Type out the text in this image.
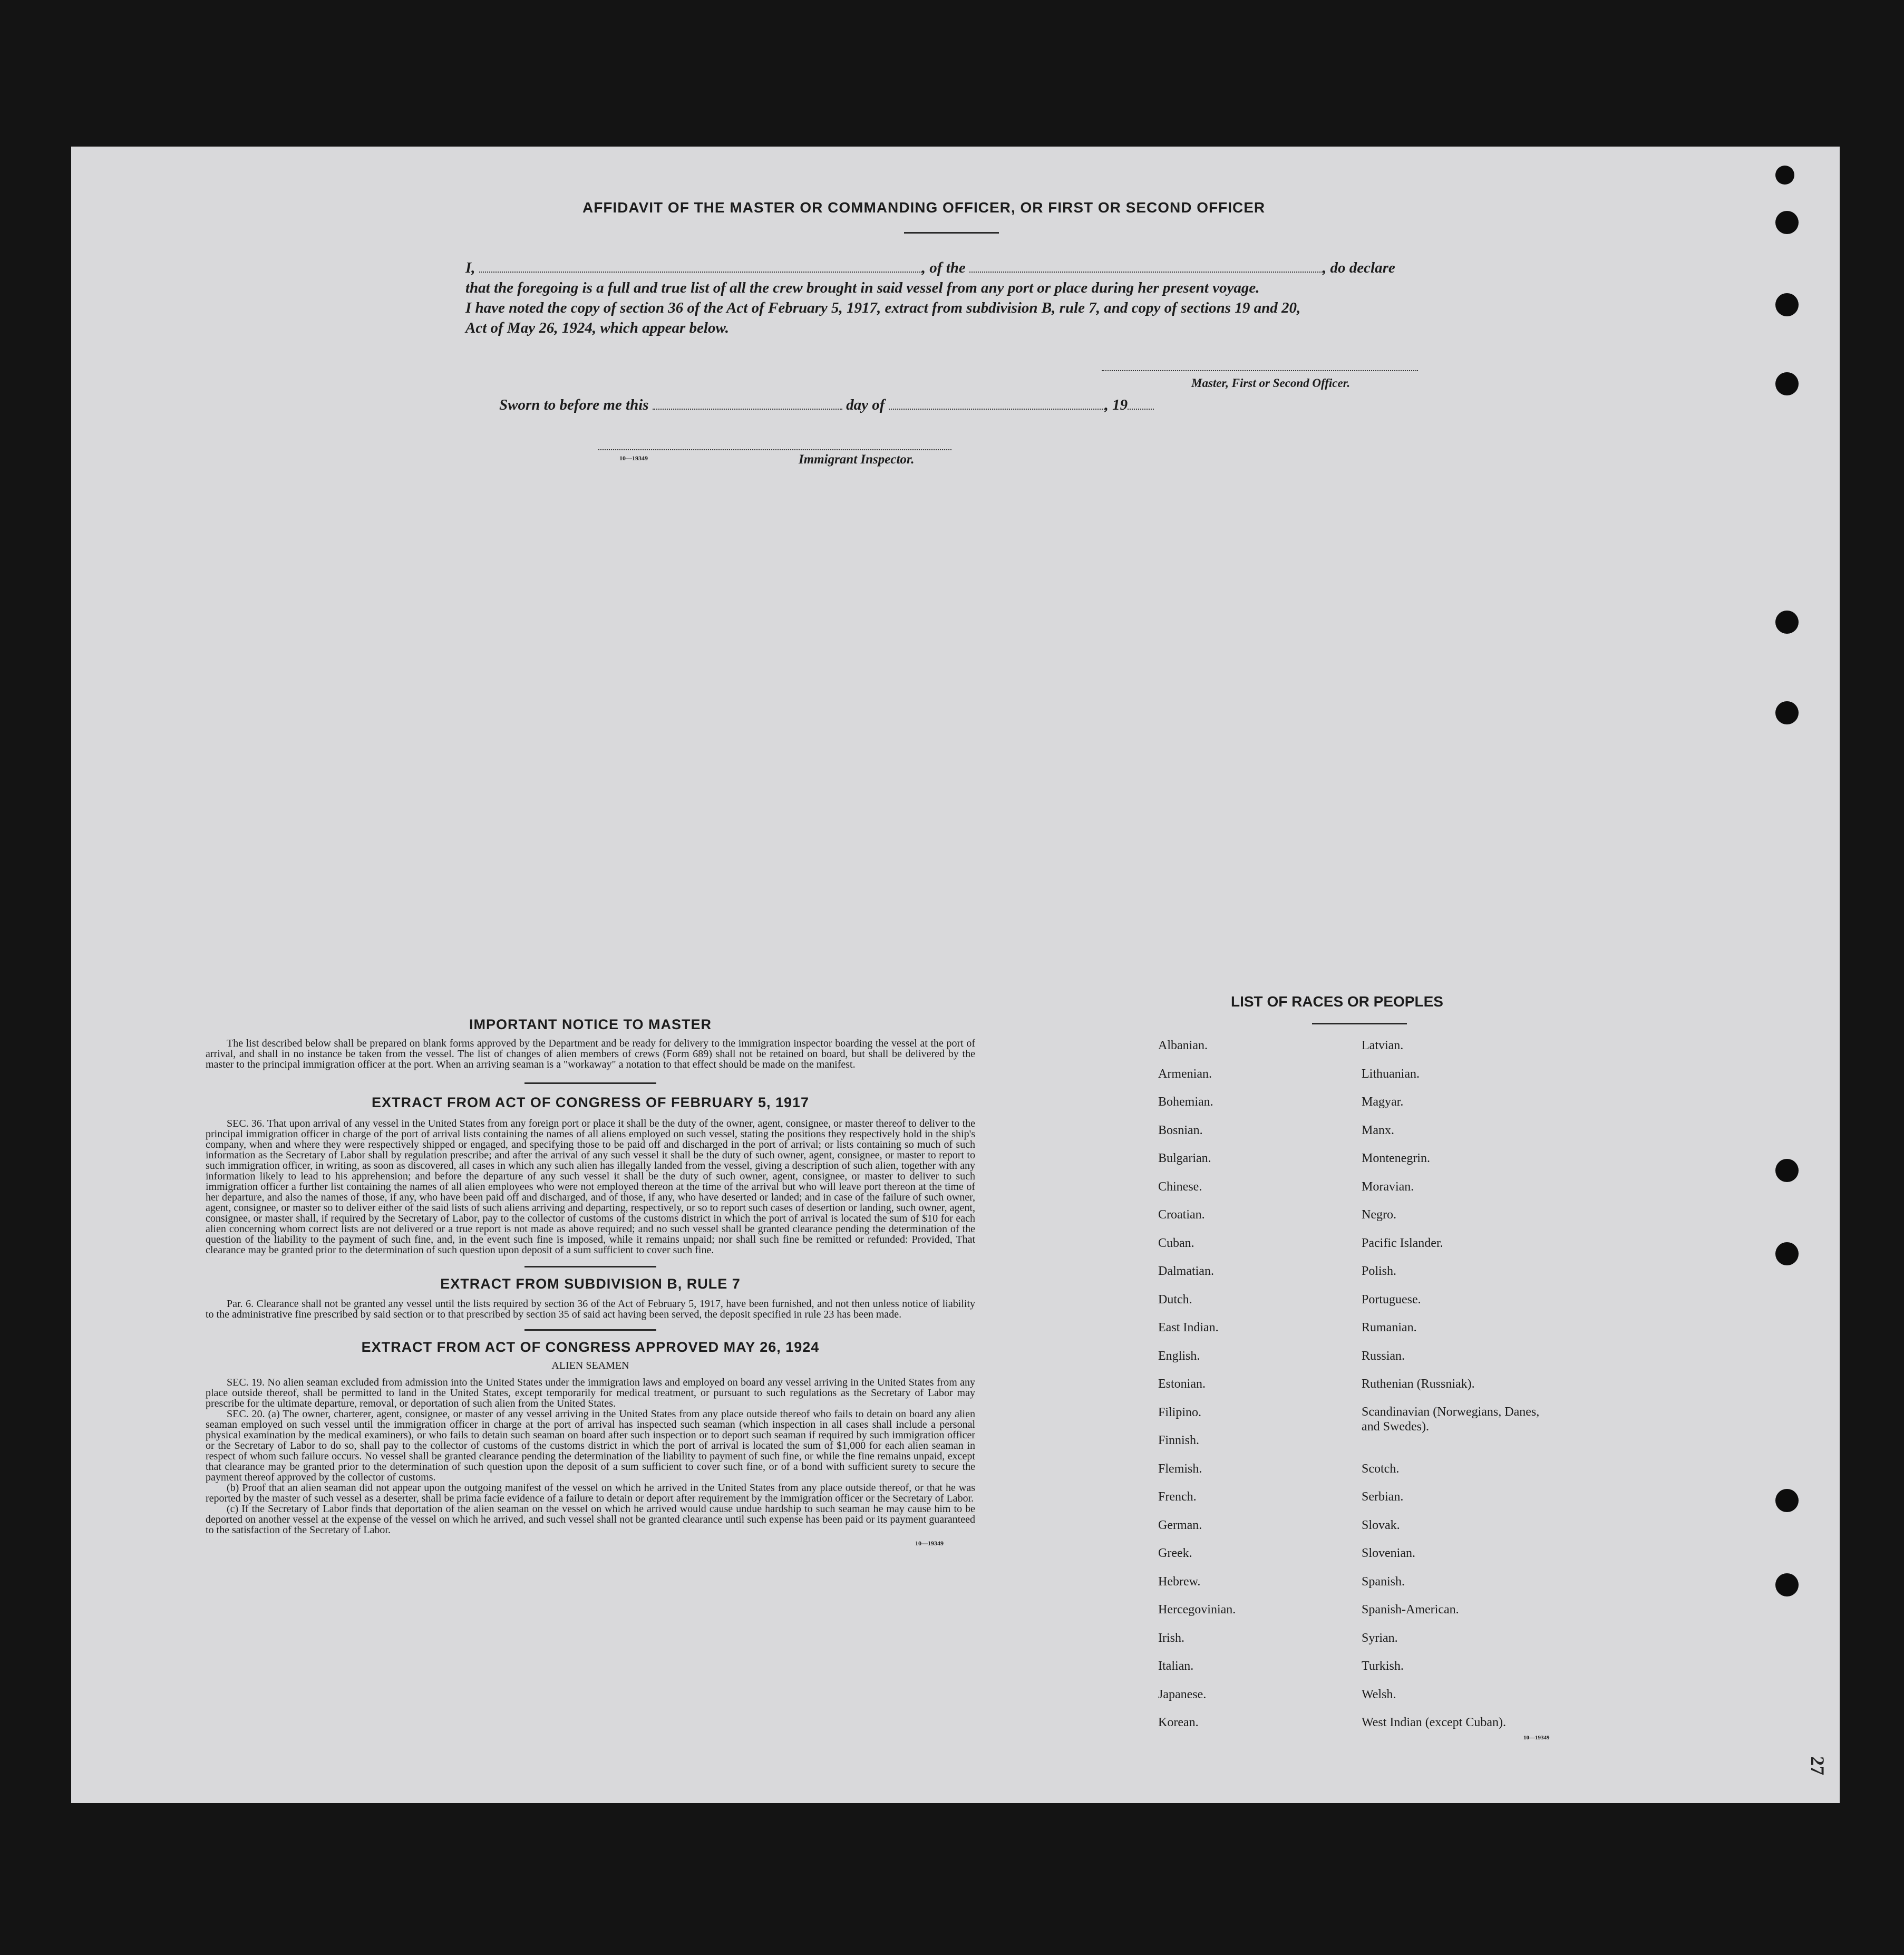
AFFIDAVIT OF THE MASTER OR COMMANDING OFFICER, OR FIRST OR SECOND OFFICER
I,	, of the	, do declare
that the foregoing is a full and true list of all the crew brought in said vessel from any port or place during her present voyage.
I have noted the copy of section 36 of the Act of February 5, 1917, extract from subdivision B, rule 7, and copy of sections 19 and 20,
Act of May 26, 1924, which appear below.
Master, First or Second Officer.
Sworn to before me this	day of	, 19
10—19349	Immigrant Inspector.
IMPORTANT NOTICE TO MASTER

The list described below shall be prepared on blank forms approved by the Department and be ready for delivery to the immigration inspector boarding the vessel at the port of arrival, and shall in no instance be taken from the vessel. The list of changes of alien members of crews (Form 689) shall not be retained on board, but shall be delivered by the master to the principal immigration officer at the port. When an arriving seaman is a "workaway" a notation to that effect should be made on the manifest.

EXTRACT FROM ACT OF CONGRESS OF FEBRUARY 5, 1917

SEC. 36. That upon arrival of any vessel in the United States from any foreign port or place it shall be the duty of the owner, agent, consignee, or master thereof to deliver to the principal immigration officer in charge of the port of arrival lists containing the names of all aliens employed on such vessel, stating the positions they respectively hold in the ship's company, when and where they were respectively shipped or engaged, and specifying those to be paid off and discharged in the port of arrival; or lists containing so much of such information as the Secretary of Labor shall by regulation prescribe; and after the arrival of any such vessel it shall be the duty of such owner, agent, consignee, or master to report to such immigration officer, in writing, as soon as discovered, all cases in which any such alien has illegally landed from the vessel, giving a description of such alien, together with any information likely to lead to his apprehension; and before the departure of any such vessel it shall be the duty of such owner, agent, consignee, or master to deliver to such immigration officer a further list containing the names of all alien employees who were not employed thereon at the time of the arrival but who will leave port thereon at the time of her departure, and also the names of those, if any, who have been paid off and discharged, and of those, if any, who have deserted or landed; and in case of the failure of such owner, agent, consignee, or master so to deliver either of the said lists of such aliens arriving and departing, respectively, or so to report such cases of desertion or landing, such owner, agent, consignee, or master shall, if required by the Secretary of Labor, pay to the collector of customs of the customs district in which the port of arrival is located the sum of $10 for each alien concerning whom correct lists are not delivered or a true report is not made as above required; and no such vessel shall be granted clearance pending the determination of the question of the liability to the payment of such fine, and, in the event such fine is imposed, while it remains unpaid; nor shall such fine be remitted or refunded: Provided, That clearance may be granted prior to the determination of such question upon deposit of a sum sufficient to cover such fine.

EXTRACT FROM SUBDIVISION B, RULE 7

Par. 6. Clearance shall not be granted any vessel until the lists required by section 36 of the Act of February 5, 1917, have been furnished, and not then unless notice of liability to the administrative fine prescribed by said section or to that prescribed by section 35 of said act having been served, the deposit specified in rule 23 has been made.

EXTRACT FROM ACT OF CONGRESS APPROVED MAY 26, 1924
ALIEN SEAMEN

SEC. 19. No alien seaman excluded from admission into the United States under the immigration laws and employed on board any vessel arriving in the United States from any place outside thereof, shall be permitted to land in the United States, except temporarily for medical treatment, or pursuant to such regulations as the Secretary of Labor may prescribe for the ultimate departure, removal, or deportation of such alien from the United States.

SEC. 20. (a) The owner, charterer, agent, consignee, or master of any vessel arriving in the United States from any place outside thereof who fails to detain on board any alien seaman employed on such vessel until the immigration officer in charge at the port of arrival has inspected such seaman (which inspection in all cases shall include a personal physical examination by the medical examiners), or who fails to detain such seaman on board after such inspection or to deport such seaman if required by such immigration officer or the Secretary of Labor to do so, shall pay to the collector of customs of the customs district in which the port of arrival is located the sum of $1,000 for each alien seaman in respect of whom such failure occurs. No vessel shall be granted clearance pending the determination of the liability to payment of such fine, or while the fine remains unpaid, except that clearance may be granted prior to the determination of such question upon the deposit of a sum sufficient to cover such fine, or of a bond with sufficient surety to secure the payment thereof approved by the collector of customs.

(b) Proof that an alien seaman did not appear upon the outgoing manifest of the vessel on which he arrived in the United States from any place outside thereof, or that he was reported by the master of such vessel as a deserter, shall be prima facie evidence of a failure to detain or deport after requirement by the immigration officer or the Secretary of Labor.

(c) If the Secretary of Labor finds that deportation of the alien seaman on the vessel on which he arrived would cause undue hardship to such seaman he may cause him to be deported on another vessel at the expense of the vessel on which he arrived, and such vessel shall not be granted clearance until such expense has been paid or its payment guaranteed to the satisfaction of the Secretary of Labor.

10—19349
LIST OF RACES OR PEOPLES
Albanian.
Armenian.
Bohemian.
Bosnian.
Bulgarian.
Chinese.
Croatian.
Cuban.
Dalmatian.
Dutch.
East Indian.
English.
Estonian.
Filipino.
Finnish.
Flemish.
French.
German.
Greek.
Hebrew.
Hercegovinian.
Irish.
Italian.
Japanese.
Korean.
Latvian.
Lithuanian.
Magyar.
Manx.
Montenegrin.
Moravian.
Negro.
Pacific Islander.
Polish.
Portuguese.
Rumanian.
Russian.
Ruthenian (Russniak).
Scandinavian (Norwegians, Danes, and Swedes).
Scotch.
Serbian.
Slovak.
Slovenian.
Spanish.
Spanish-American.
Syrian.
Turkish.
Welsh.
West Indian (except Cuban).
10—19349
27
